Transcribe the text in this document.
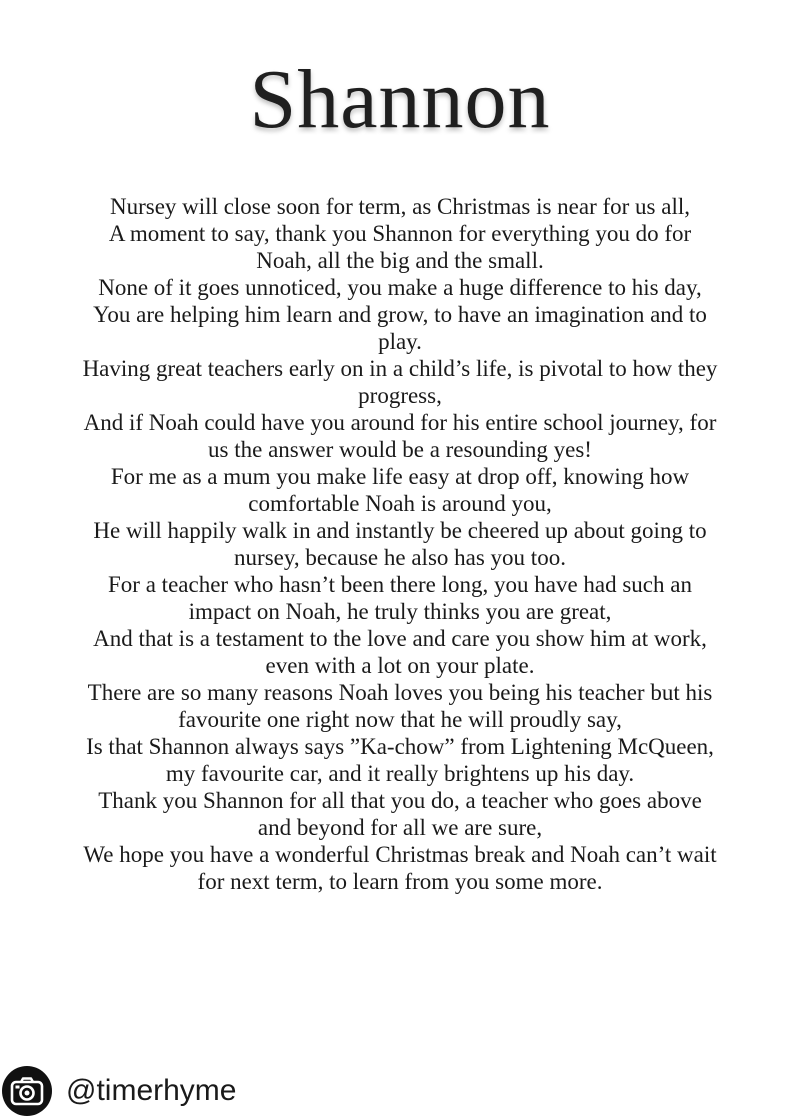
Shannon
Nursey will close soon for term, as Christmas is near for us all,
A moment to say, thank you Shannon for everything you do for Noah, all the big and the small.
None of it goes unnoticed, you make a huge difference to his day,
You are helping him learn and grow, to have an imagination and to play.
Having great teachers early on in a child’s life, is pivotal to how they progress,
And if Noah could have you around for his entire school journey, for us the answer would be a resounding yes!
For me as a mum you make life easy at drop off, knowing how comfortable Noah is around you,
He will happily walk in and instantly be cheered up about going to nursey, because he also has you too.
For a teacher who hasn’t been there long, you have had such an impact on Noah, he truly thinks you are great,
And that is a testament to the love and care you show him at work, even with a lot on your plate.
There are so many reasons Noah loves you being his teacher but his favourite one right now that he will proudly say,
Is that Shannon always says ”Ka-chow” from Lightening McQueen, my favourite car, and it really brightens up his day.
Thank you Shannon for all that you do, a teacher who goes above and beyond for all we are sure,
We hope you have a wonderful Christmas break and Noah can’t wait for next term, to learn from you some more.
@timerhyme
